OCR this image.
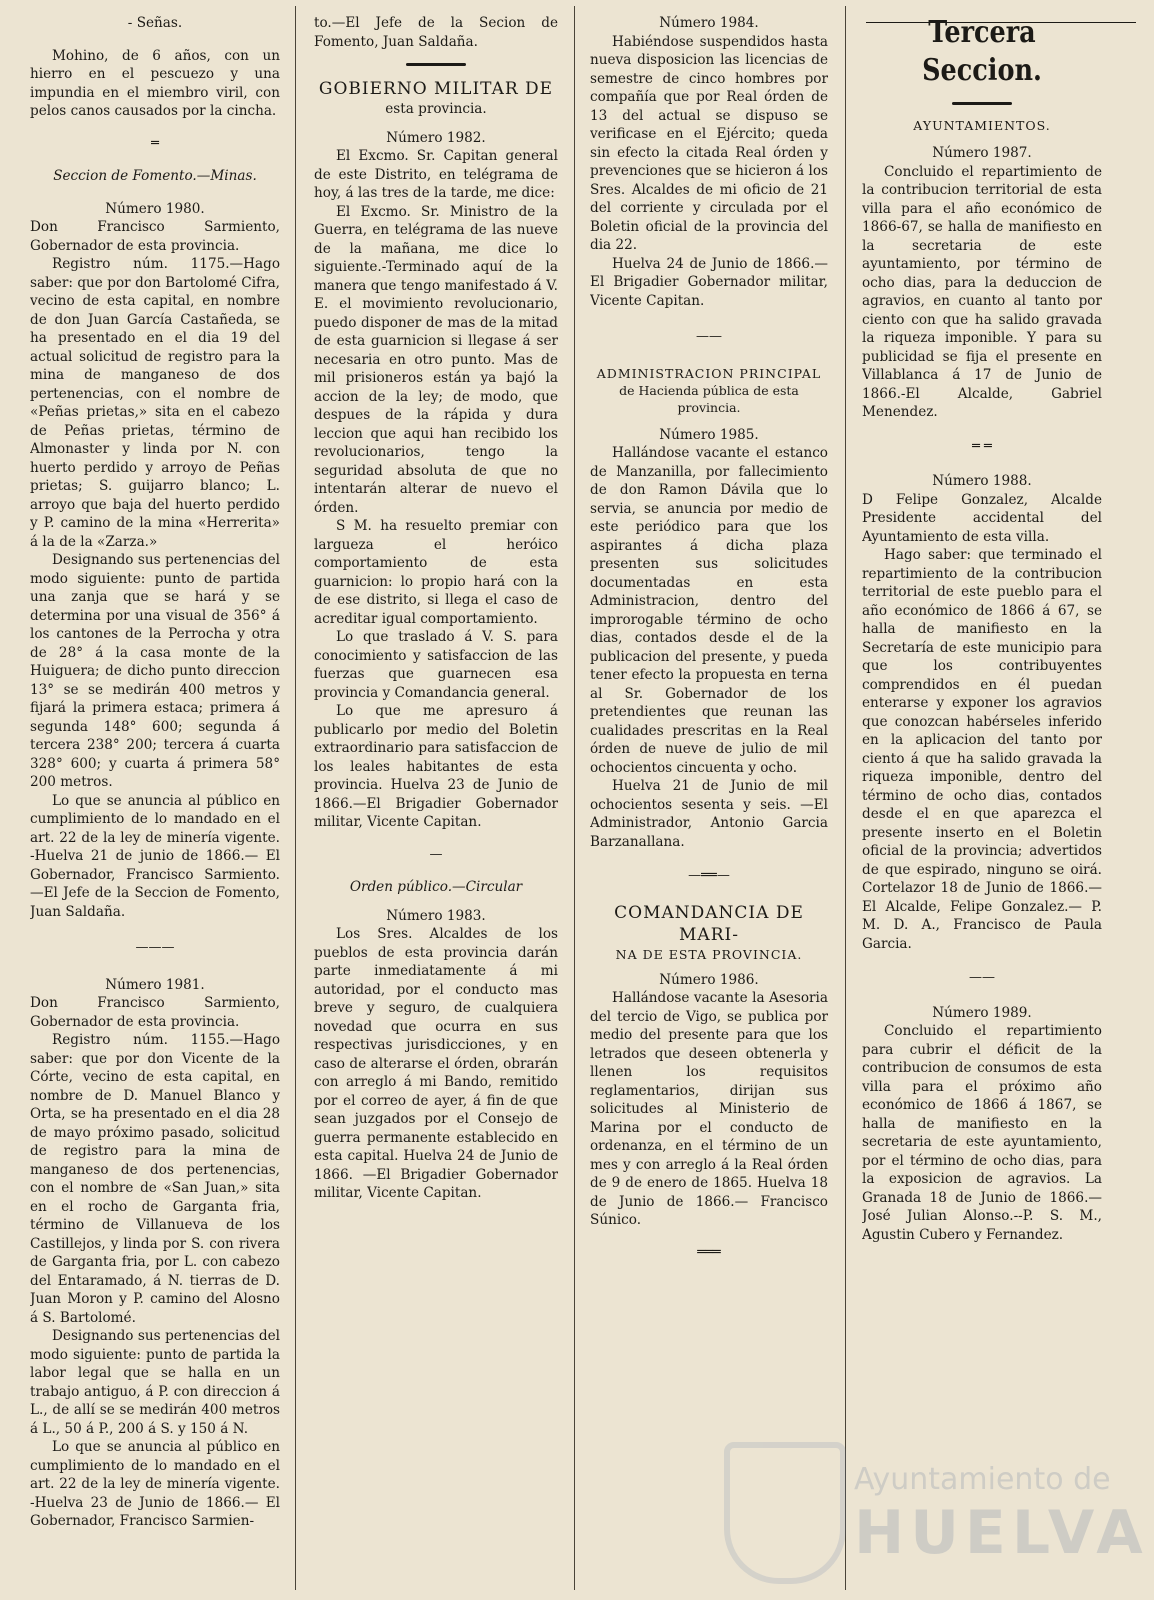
- Señas.

Mohino, de 6 años, con un hierro en el pescuezo y una impundia en el miembro viril, con pelos canos causados por la cincha.

═

Seccion de Fomento.—Minas.

Número 1980.

Don Francisco Sarmiento, Gobernador de esta provincia.

Registro núm. 1175.—Hago saber: que por don Bartolomé Cifra, vecino de esta capital, en nombre de don Juan García Castañeda, se ha presentado en el dia 19 del actual solicitud de registro para la mina de manganeso de dos pertenencias, con el nombre de «Peñas prietas,» sita en el cabezo de Peñas prietas, término de Almonaster y linda por N. con huerto perdido y arroyo de Peñas prietas; S. guijarro blanco; L. arroyo que baja del huerto perdido y P. camino de la mina «Herrerita» á la de la «Zarza.»

Designando sus pertenencias del modo siguiente: punto de partida una zanja que se hará y se determina por una visual de 356° á los cantones de la Perrocha y otra de 28° á la casa monte de la Huiguera; de dicho punto direccion 13° se se medirán 400 metros y fijará la primera estaca; primera á segunda 148° 600; segunda á tercera 238° 200; tercera á cuarta 328° 600; y cuarta á primera 58° 200 metros.

Lo que se anuncia al público en cumplimiento de lo mandado en el art. 22 de la ley de minería vigente. -Huelva 21 de junio de 1866.— El Gobernador, Francisco Sarmiento.—El Jefe de la Seccion de Fomento, Juan Saldaña.

———

Número 1981.

Don Francisco Sarmiento, Gobernador de esta provincia.

Registro núm. 1155.—Hago saber: que por don Vicente de la Córte, vecino de esta capital, en nombre de D. Manuel Blanco y Orta, se ha presentado en el dia 28 de mayo próximo pasado, solicitud de registro para la mina de manganeso de dos pertenencias, con el nombre de «San Juan,» sita en el rocho de Garganta fria, término de Villanueva de los Castillejos, y linda por S. con rivera de Garganta fria, por L. con cabezo del Entaramado, á N. tierras de D. Juan Moron y P. camino del Alosno á S. Bartolomé.

Designando sus pertenencias del modo siguiente: punto de partida la labor legal que se halla en un trabajo antiguo, á P. con direccion á L., de allí se se medirán 400 metros á L., 50 á P., 200 á S. y 150 á N.

Lo que se anuncia al público en cumplimiento de lo mandado en el art. 22 de la ley de minería vigente. -Huelva 23 de Junio de 1866.— El Gobernador, Francisco Sarmien-

to.—El Jefe de la Secion de Fomento, Juan Saldaña.

GOBIERNO MILITAR DE

esta provincia.

Número 1982.

El Excmo. Sr. Capitan general de este Distrito, en telégrama de hoy, á las tres de la tarde, me dice:

El Excmo. Sr. Ministro de la Guerra, en telégrama de las nueve de la mañana, me dice lo siguiente.-Terminado aquí de la manera que tengo manifestado á V. E. el movimiento revolucionario, puedo disponer de mas de la mitad de esta guarnicion si llegase á ser necesaria en otro punto. Mas de mil prisioneros están ya bajó la accion de la ley; de modo, que despues de la rápida y dura leccion que aqui han recibido los revolucionarios, tengo la seguridad absoluta de que no intentarán alterar de nuevo el órden.

S M. ha resuelto premiar con largueza el heróico comportamiento de esta guarnicion: lo propio hará con la de ese distrito, si llega el caso de acreditar igual comportamiento.

Lo que traslado á V. S. para conocimiento y satisfaccion de las fuerzas que guarnecen esa provincia y Comandancia general.

Lo que me apresuro á publicarlo por medio del Boletin extraordinario para satisfaccion de los leales habitantes de esta provincia. Huelva 23 de Junio de 1866.—El Brigadier Gobernador militar, Vicente Capitan.

—

Orden público.—Circular

Número 1983.

Los Sres. Alcaldes de los pueblos de esta provincia darán parte inmediatamente á mi autoridad, por el conducto mas breve y seguro, de cualquiera novedad que ocurra en sus respectivas jurisdicciones, y en caso de alterarse el órden, obrarán con arreglo á mi Bando, remitido por el correo de ayer, á fin de que sean juzgados por el Consejo de guerra permanente establecido en esta capital. Huelva 24 de Junio de 1866. —El Brigadier Gobernador militar, Vicente Capitan.

Número 1984.

Habiéndose suspendidos hasta nueva disposicion las licencias de semestre de cinco hombres por compañía que por Real órden de 13 del actual se dispuso se verificase en el Ejército; queda sin efecto la citada Real órden y prevenciones que se hicieron á los Sres. Alcaldes de mi oficio de 21 del corriente y circulada por el Boletin oficial de la provincia del dia 22.

Huelva 24 de Junio de 1866.—El Brigadier Gobernador militar, Vicente Capitan.

——

ADMINISTRACION PRINCIPAL

de Hacienda pública de esta provincia.

Número 1985.

Hallándose vacante el estanco de Manzanilla, por fallecimiento de don Ramon Dávila que lo servia, se anuncia por medio de este periódico para que los aspirantes á dicha plaza presenten sus solicitudes documentadas en esta Administracion, dentro del improrogable término de ocho dias, contados desde el de la publicacion del presente, y pueda tener efecto la propuesta en terna al Sr. Gobernador de los pretendientes que reunan las cualidades prescritas en la Real órden de nueve de julio de mil ochocientos cincuenta y ocho.

Huelva 21 de Junio de mil ochocientos sesenta y seis. —El Administrador, Antonio Garcia Barzanallana.

—══—

COMANDANCIA DE MARI-

NA DE ESTA PROVINCIA.

Número 1986.

Hallándose vacante la Asesoria del tercio de Vigo, se publica por medio del presente para que los letrados que deseen obtenerla y llenen los requisitos reglamentarios, dirijan sus solicitudes al Ministerio de Marina por el conducto de ordenanza, en el término de un mes y con arreglo á la Real órden de 9 de enero de 1865. Huelva 18 de Junio de 1866.— Francisco Súnico.

═══

Tercera Seccion.

AYUNTAMIENTOS.

Número 1987.

Concluido el repartimiento de la contribucion territorial de esta villa para el año económico de 1866-67, se halla de manifiesto en la secretaria de este ayuntamiento, por término de ocho dias, para la deduccion de agravios, en cuanto al tanto por ciento con que ha salido gravada la riqueza imponible. Y para su publicidad se fija el presente en Villablanca á 17 de Junio de 1866.-El Alcalde, Gabriel Menendez.

═ ═

Número 1988.

D Felipe Gonzalez, Alcalde Presidente accidental del Ayuntamiento de esta villa.

Hago saber: que terminado el repartimiento de la contribucion territorial de este pueblo para el año económico de 1866 á 67, se halla de manifiesto en la Secretaría de este municipio para que los contribuyentes comprendidos en él puedan enterarse y exponer los agravios que conozcan habérseles inferido en la aplicacion del tanto por ciento á que ha salido gravada la riqueza imponible, dentro del término de ocho dias, contados desde el en que aparezca el presente inserto en el Boletin oficial de la provincia; advertidos de que espirado, ninguno se oirá. Cortelazor 18 de Junio de 1866.—El Alcalde, Felipe Gonzalez.— P. M. D. A., Francisco de Paula Garcia.

——

Número 1989.

Concluido el repartimiento para cubrir el déficit de la contribucion de consumos de esta villa para el próximo año económico de 1866 á 1867, se halla de manifiesto en la secretaria de este ayuntamiento, por el término de ocho dias, para la exposicion de agravios. La Granada 18 de Junio de 1866.—José Julian Alonso.--P. S. M., Agustin Cubero y Fernandez.

Ayuntamiento de
HUELVA
